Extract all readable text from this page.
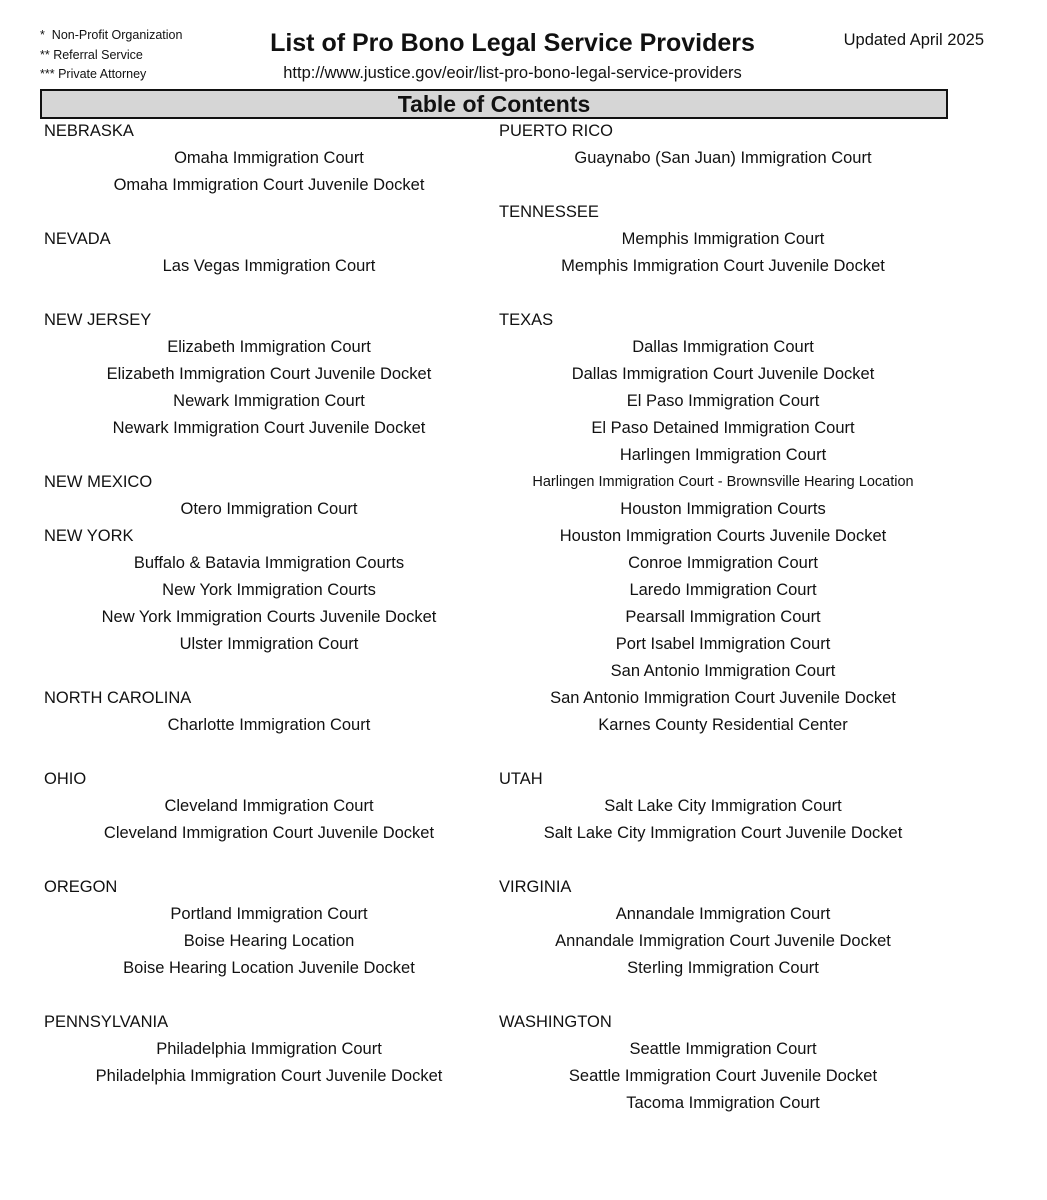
*  Non-Profit Organization
** Referral Service
*** Private Attorney
List of Pro Bono Legal Service Providers
http://www.justice.gov/eoir/list-pro-bono-legal-service-providers
Updated April 2025
Table of Contents
NEBRASKA
Omaha Immigration Court
Omaha Immigration Court Juvenile Docket
NEVADA
Las Vegas Immigration Court
NEW JERSEY
Elizabeth Immigration Court
Elizabeth Immigration Court Juvenile Docket
Newark Immigration Court
Newark Immigration Court Juvenile Docket
NEW MEXICO
Otero Immigration Court
NEW YORK
Buffalo & Batavia Immigration Courts
New York Immigration Courts
New York Immigration Courts Juvenile Docket
Ulster Immigration Court
NORTH CAROLINA
Charlotte Immigration Court
OHIO
Cleveland Immigration Court
Cleveland Immigration Court Juvenile Docket
OREGON
Portland Immigration Court
Boise Hearing Location
Boise Hearing Location Juvenile Docket
PENNSYLVANIA
Philadelphia Immigration Court
Philadelphia Immigration Court Juvenile Docket
PUERTO RICO
Guaynabo (San Juan) Immigration Court
TENNESSEE
Memphis Immigration Court
Memphis Immigration Court Juvenile Docket
TEXAS
Dallas Immigration Court
Dallas Immigration Court Juvenile Docket
El Paso Immigration Court
El Paso Detained Immigration Court
Harlingen Immigration Court
Harlingen Immigration Court - Brownsville Hearing Location
Houston Immigration Courts
Houston Immigration Courts Juvenile Docket
Conroe Immigration Court
Laredo Immigration Court
Pearsall Immigration Court
Port Isabel Immigration Court
San Antonio Immigration Court
San Antonio Immigration Court Juvenile Docket
Karnes County Residential Center
UTAH
Salt Lake City Immigration Court
Salt Lake City Immigration Court Juvenile Docket
VIRGINIA
Annandale Immigration Court
Annandale Immigration Court Juvenile Docket
Sterling Immigration Court
WASHINGTON
Seattle Immigration Court
Seattle Immigration Court Juvenile Docket
Tacoma Immigration Court
